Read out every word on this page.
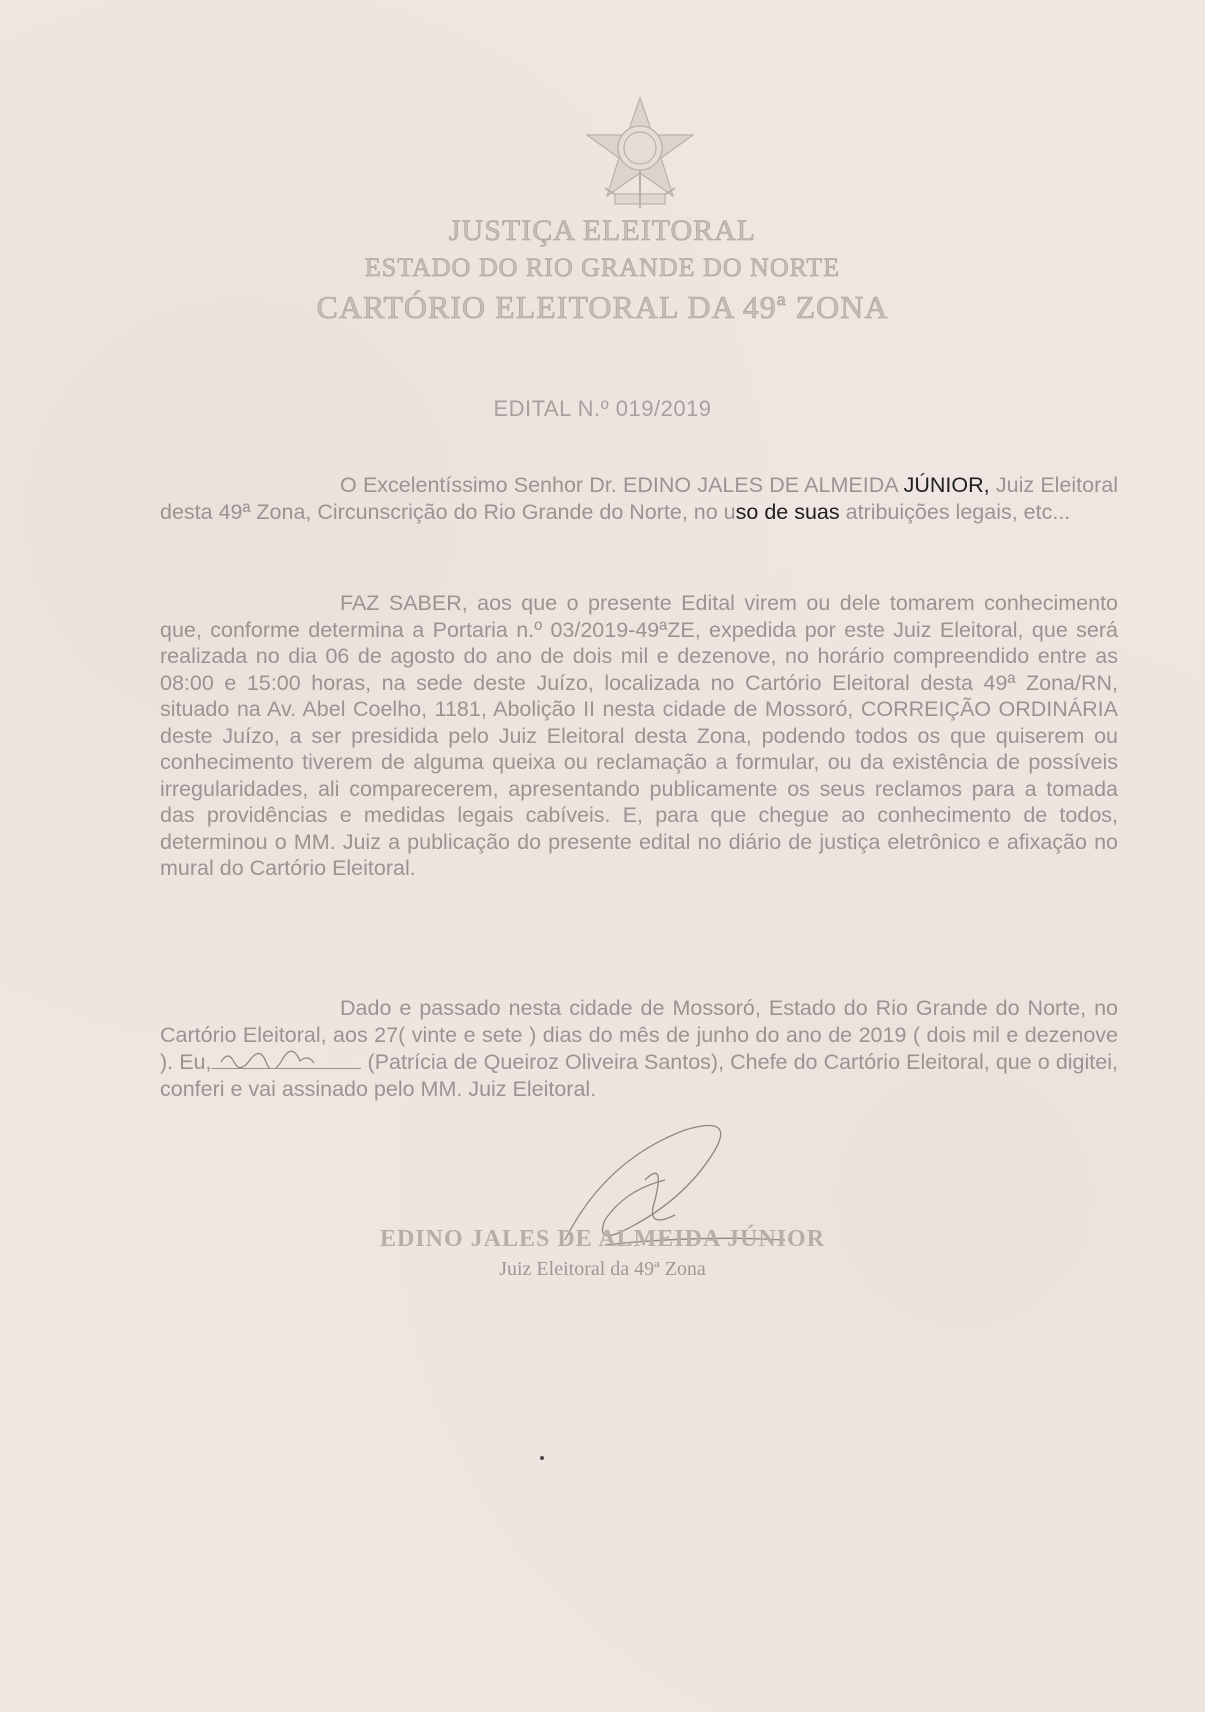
JUSTIÇA ELEITORAL
ESTADO DO RIO GRANDE DO NORTE
CARTÓRIO ELEITORAL DA 49ª ZONA
EDITAL N.º 019/2019
O Excelentíssimo Senhor Dr. EDINO JALES DE ALMEIDA JÚNIOR, Juiz Eleitoral desta 49ª Zona, Circunscrição do Rio Grande do Norte, no uso de suas atribuições legais, etc...
FAZ SABER, aos que o presente Edital virem ou dele tomarem conhecimento que, conforme determina a Portaria n.º 03/2019-49ªZE, expedida por este Juiz Eleitoral, que será realizada no dia 06 de agosto do ano de dois mil e dezenove, no horário compreendido entre as 08:00 e 15:00 horas, na sede deste Juízo, localizada no Cartório Eleitoral desta 49ª Zona/RN, situado na Av. Abel Coelho, 1181, Abolição II nesta cidade de Mossoró, CORREIÇÃO ORDINÁRIA deste Juízo, a ser presidida pelo Juiz Eleitoral desta Zona, podendo todos os que quiserem ou conhecimento tiverem de alguma queixa ou reclamação a formular, ou da existência de possíveis irregularidades, ali comparecerem, apresentando publicamente os seus reclamos para a tomada das providências e medidas legais cabíveis. E, para que chegue ao conhecimento de todos, determinou o MM. Juiz a publicação do presente edital no diário de justiça eletrônico e afixação no mural do Cartório Eleitoral.
Dado e passado nesta cidade de Mossoró, Estado do Rio Grande do Norte, no Cartório Eleitoral, aos 27( vinte e sete ) dias do mês de junho do ano de 2019 ( dois mil e dezenove ). Eu,	(Patrícia de Queiroz Oliveira Santos), Chefe do Cartório Eleitoral, que o digitei, conferi e vai assinado pelo MM. Juiz Eleitoral.
EDINO JALES DE ALMEIDA JÚNIOR
Juiz Eleitoral da 49ª Zona
